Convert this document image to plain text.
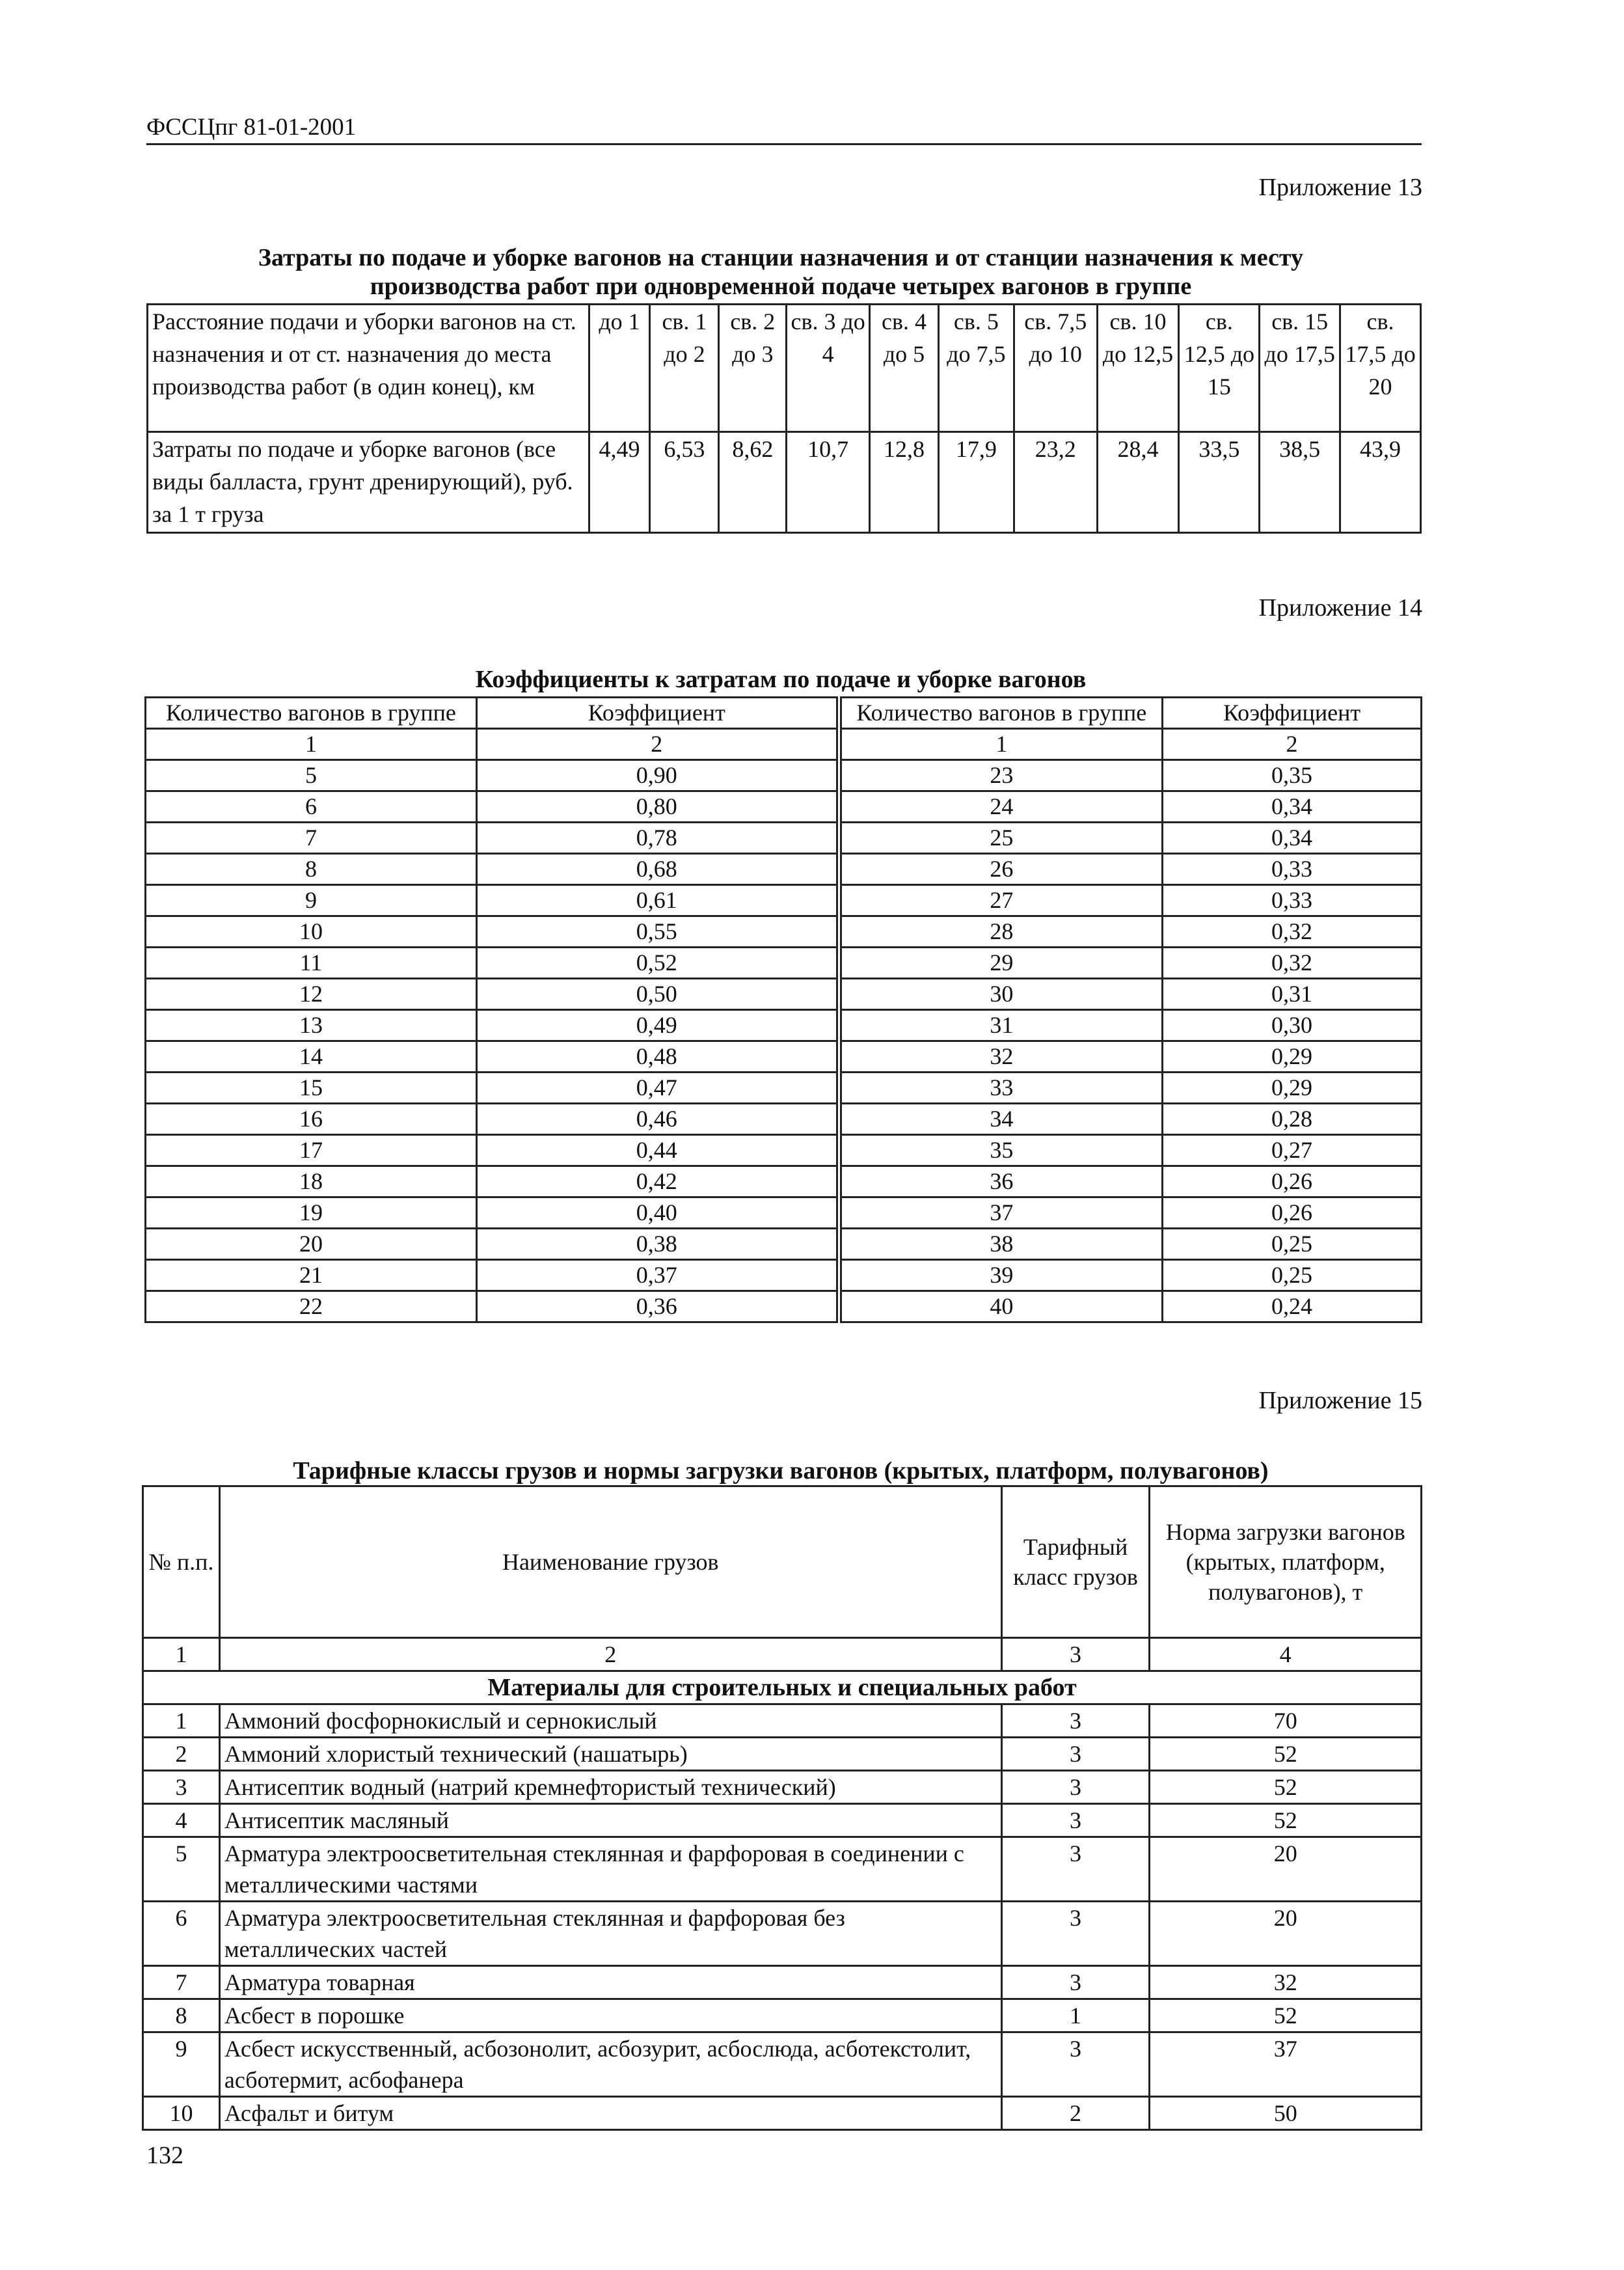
ФССЦпг 81-01-2001
Приложение 13
Затраты по подаче и уборке вагонов на станции назначения и от станции назначения к месту
производства работ при одновременной подаче четырех вагонов в группе
Расстояние подачи и уборки вагонов на ст. назначения и от ст. назначения до места производства работ (в один конец), км	до 1	св. 1 до 2	св. 2 до 3	св. 3 до 4	св. 4 до 5	св. 5 до 7,5	св. 7,5 до 10	св. 10 до 12,5	св. 12,5 до 15	св. 15 до 17,5	св. 17,5 до 20
Затраты по подаче и уборке вагонов (все виды балласта, грунт дренирующий), руб. за 1 т груза	4,49	6,53	8,62	10,7	12,8	17,9	23,2	28,4	33,5	38,5	43,9
Приложение 14
Коэффициенты к затратам по подаче и уборке вагонов
Количество вагонов в группе	Коэффициент	Количество вагонов в группе	Коэффициент
1	2	1	2
5	0,90	23	0,35
6	0,80	24	0,34
7	0,78	25	0,34
8	0,68	26	0,33
9	0,61	27	0,33
10	0,55	28	0,32
11	0,52	29	0,32
12	0,50	30	0,31
13	0,49	31	0,30
14	0,48	32	0,29
15	0,47	33	0,29
16	0,46	34	0,28
17	0,44	35	0,27
18	0,42	36	0,26
19	0,40	37	0,26
20	0,38	38	0,25
21	0,37	39	0,25
22	0,36	40	0,24
Приложение 15
Тарифные классы грузов и нормы загрузки вагонов (крытых, платформ, полувагонов)
№ п.п.	Наименование грузов	Тарифный класс грузов	Норма загрузки вагонов (крытых, платформ, полувагонов), т
1	2	3	4
Материалы для строительных и специальных работ			
1	Аммоний фосфорнокислый и сернокислый	3	70
2	Аммоний хлористый технический (нашатырь)	3	52
3	Антисептик водный (натрий кремнефтористый технический)	3	52
4	Антисептик масляный	3	52
5	Арматура электроосветительная стеклянная и фарфоровая в соединении с металлическими частями	3	20
6	Арматура электроосветительная стеклянная и фарфоровая без металлических частей	3	20
7	Арматура товарная	3	32
8	Асбест в порошке	1	52
9	Асбест искусственный, асбозонолит, асбозурит, асбослюда, асботекстолит, асботермит, асбофанера	3	37
10	Асфальт и битум	2	50
132
